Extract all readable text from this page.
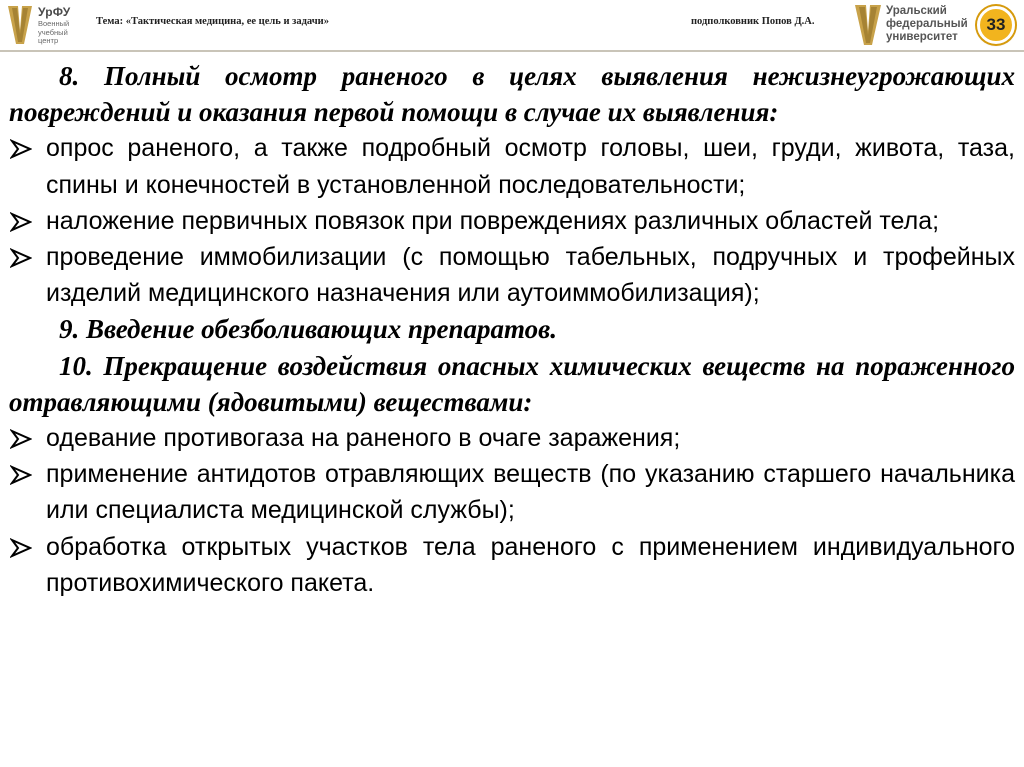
УрФУ
Военный учебный центр
Тема: «Тактическая медицина, ее цель и задачи»	подполковник Попов Д.А.
Уральский
федеральный
университет
33

8. Полный осмотр раненого в целях выявления нежизнеугрожающих повреждений и оказания первой помощи в случае их выявления:

опрос раненого, а также подробный осмотр головы, шеи, груди, живота, таза, спины и конечностей в установленной последовательности;

наложение первичных повязок при повреждениях различных областей тела;

проведение иммобилизации (с помощью табельных, подручных и трофейных изделий медицинского назначения или аутоиммобилизация);

9. Введение обезболивающих препаратов.

10. Прекращение воздействия опасных химических веществ на пораженного отравляющими (ядовитыми) веществами:

одевание противогаза на раненого в очаге заражения;

применение антидотов отравляющих веществ (по указанию старшего начальника или специалиста медицинской службы);

обработка открытых участков тела раненого с применением индивидуального противохимического пакета.
